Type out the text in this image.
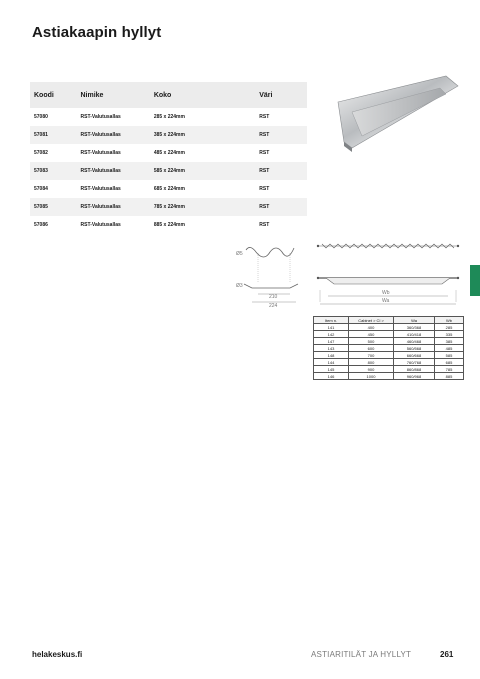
Astiakaapin hyllyt
Koodi	Nimike	Koko	Väri
57080	RST-Valutusallas	285 x 224mm	RST
57081	RST-Valutusallas	385 x 224mm	RST
57082	RST-Valutusallas	485 x 224mm	RST
57083	RST-Valutusallas	585 x 224mm	RST
57084	RST-Valutusallas	685 x 224mm	RST
57085	RST-Valutusallas	785 x 224mm	RST
57086	RST-Valutusallas	885 x 224mm	RST
Ø5
Ø3
210
224
Wb
Wa
Item n.	Cabinet > Cl >	Wa	Wb
141	400	360/368	285
142	450	410/418	335
147	500	460/468	385
143	600	560/568	485
148	700	660/668	585
144	800	760/768	685
145	900	860/868	785
146	1000	960/968	885
helakeskus.fi	ASTIARITILÄT JA HYLLYT	261
